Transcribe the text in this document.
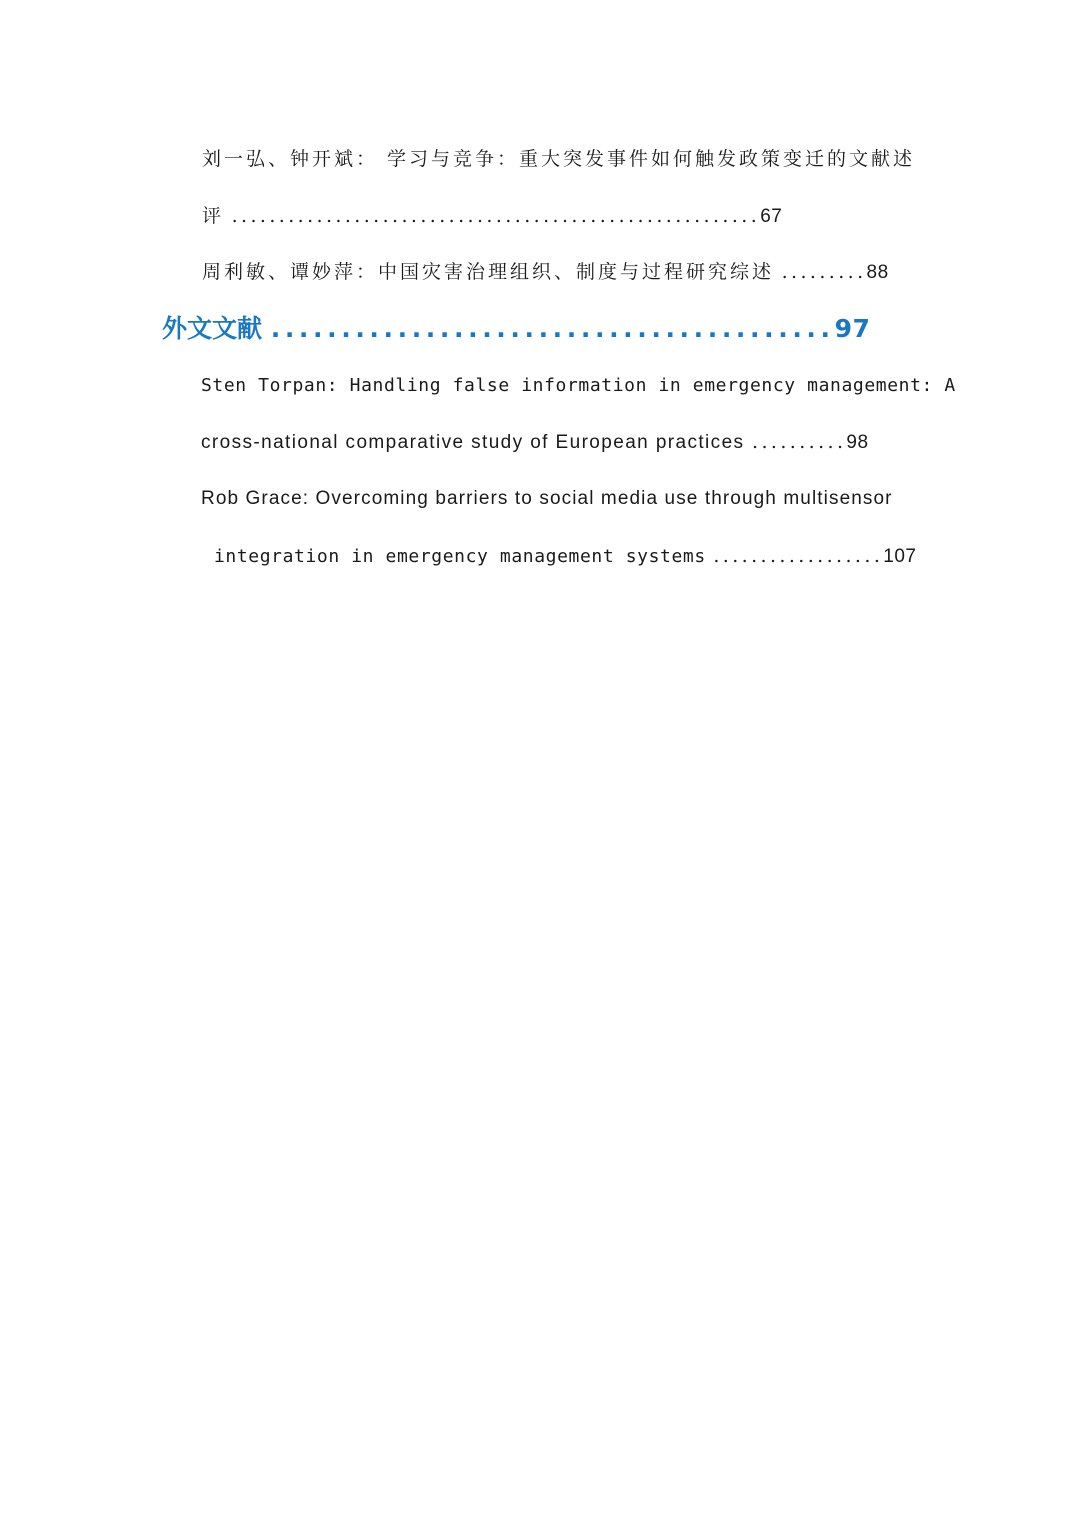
刘一弘、钟开斌： 学习与竞争：重大突发事件如何触发政策变迁的文献述
评 ........................................................67
周利敏、谭妙萍：中国灾害治理组织、制度与过程研究综述 .........88
外文文献 ........................................97
Sten Torpan: Handling false information in emergency management: A
cross-national comparative study of European practices ..........98
Rob Grace: Overcoming barriers to social media use through multisensor
integration in emergency management systems ..................107
